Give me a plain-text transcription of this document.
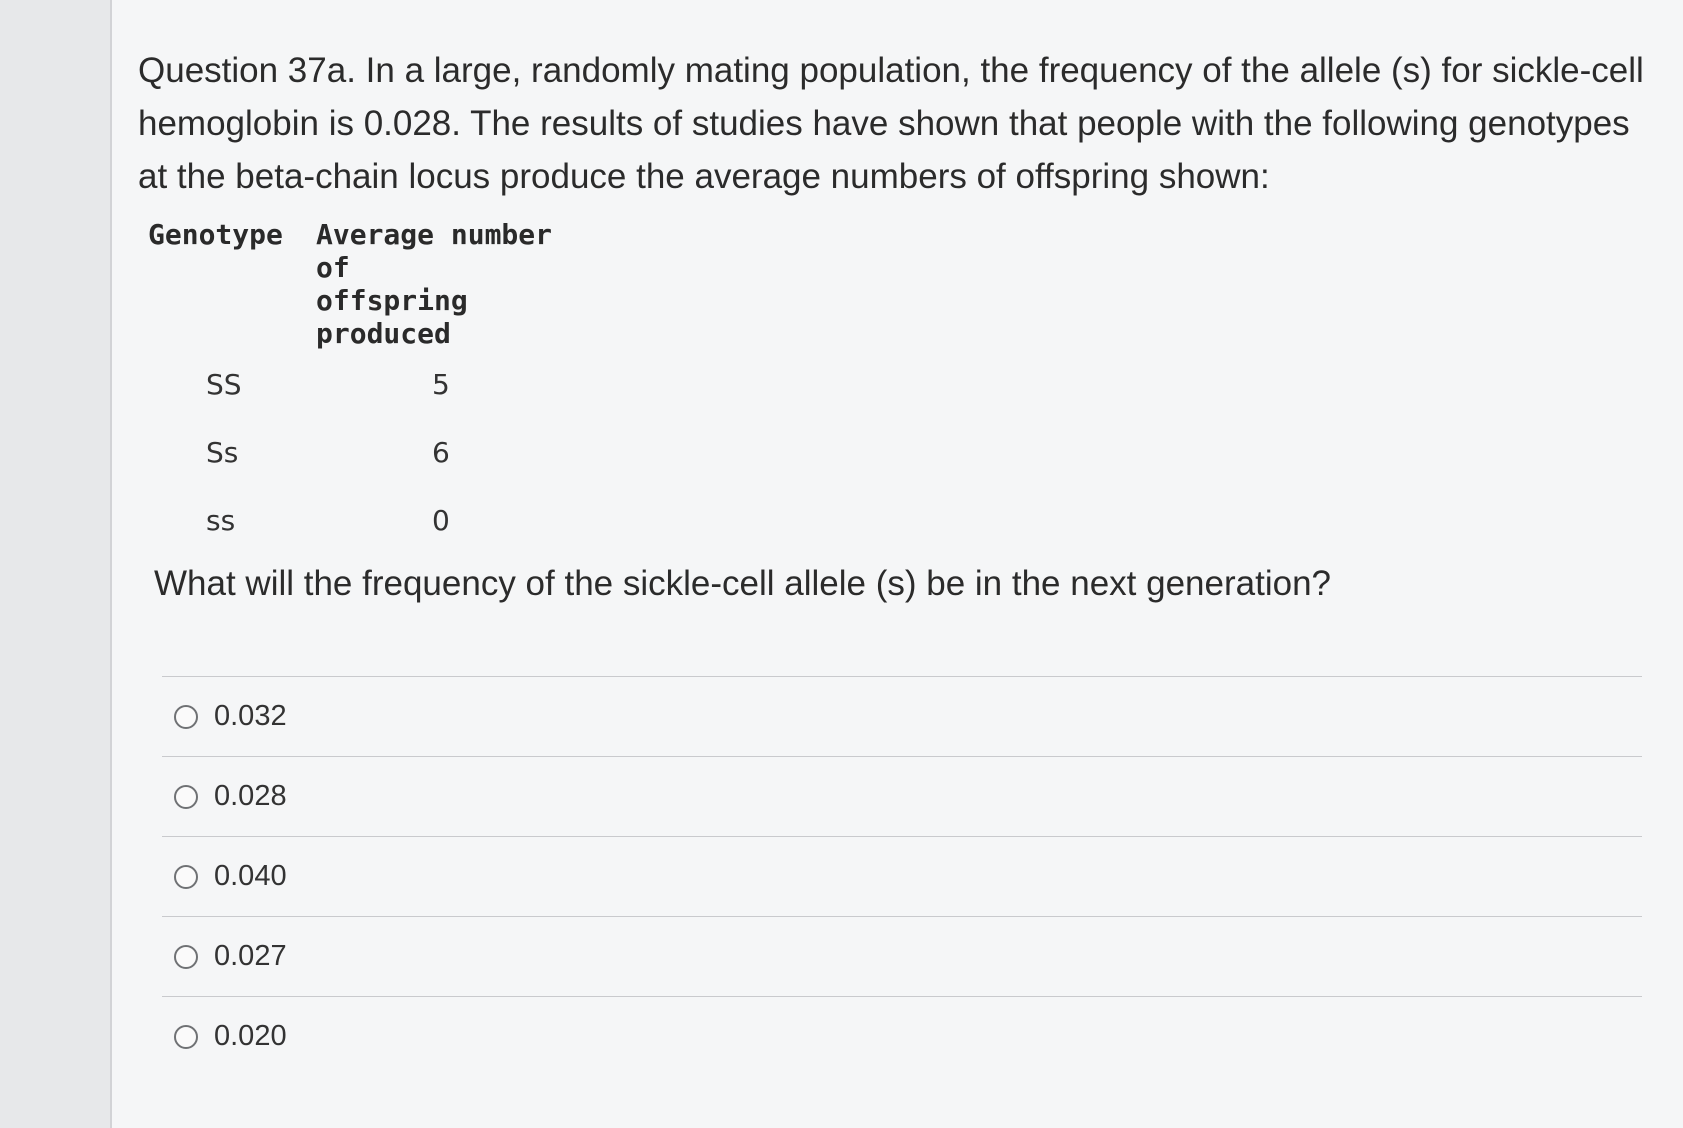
Question 37a. In a large, randomly mating population, the frequency of the allele (s) for sickle-cell hemoglobin is 0.028. The results of studies have shown that people with the following genotypes at the beta-chain locus produce the average numbers of offspring shown:

Genotype	Average number of
offspring produced

SS	5
Ss	6
ss	0

What will the frequency of the sickle-cell allele (s) be in the next generation?

0.032
0.028
0.040
0.027
0.020
